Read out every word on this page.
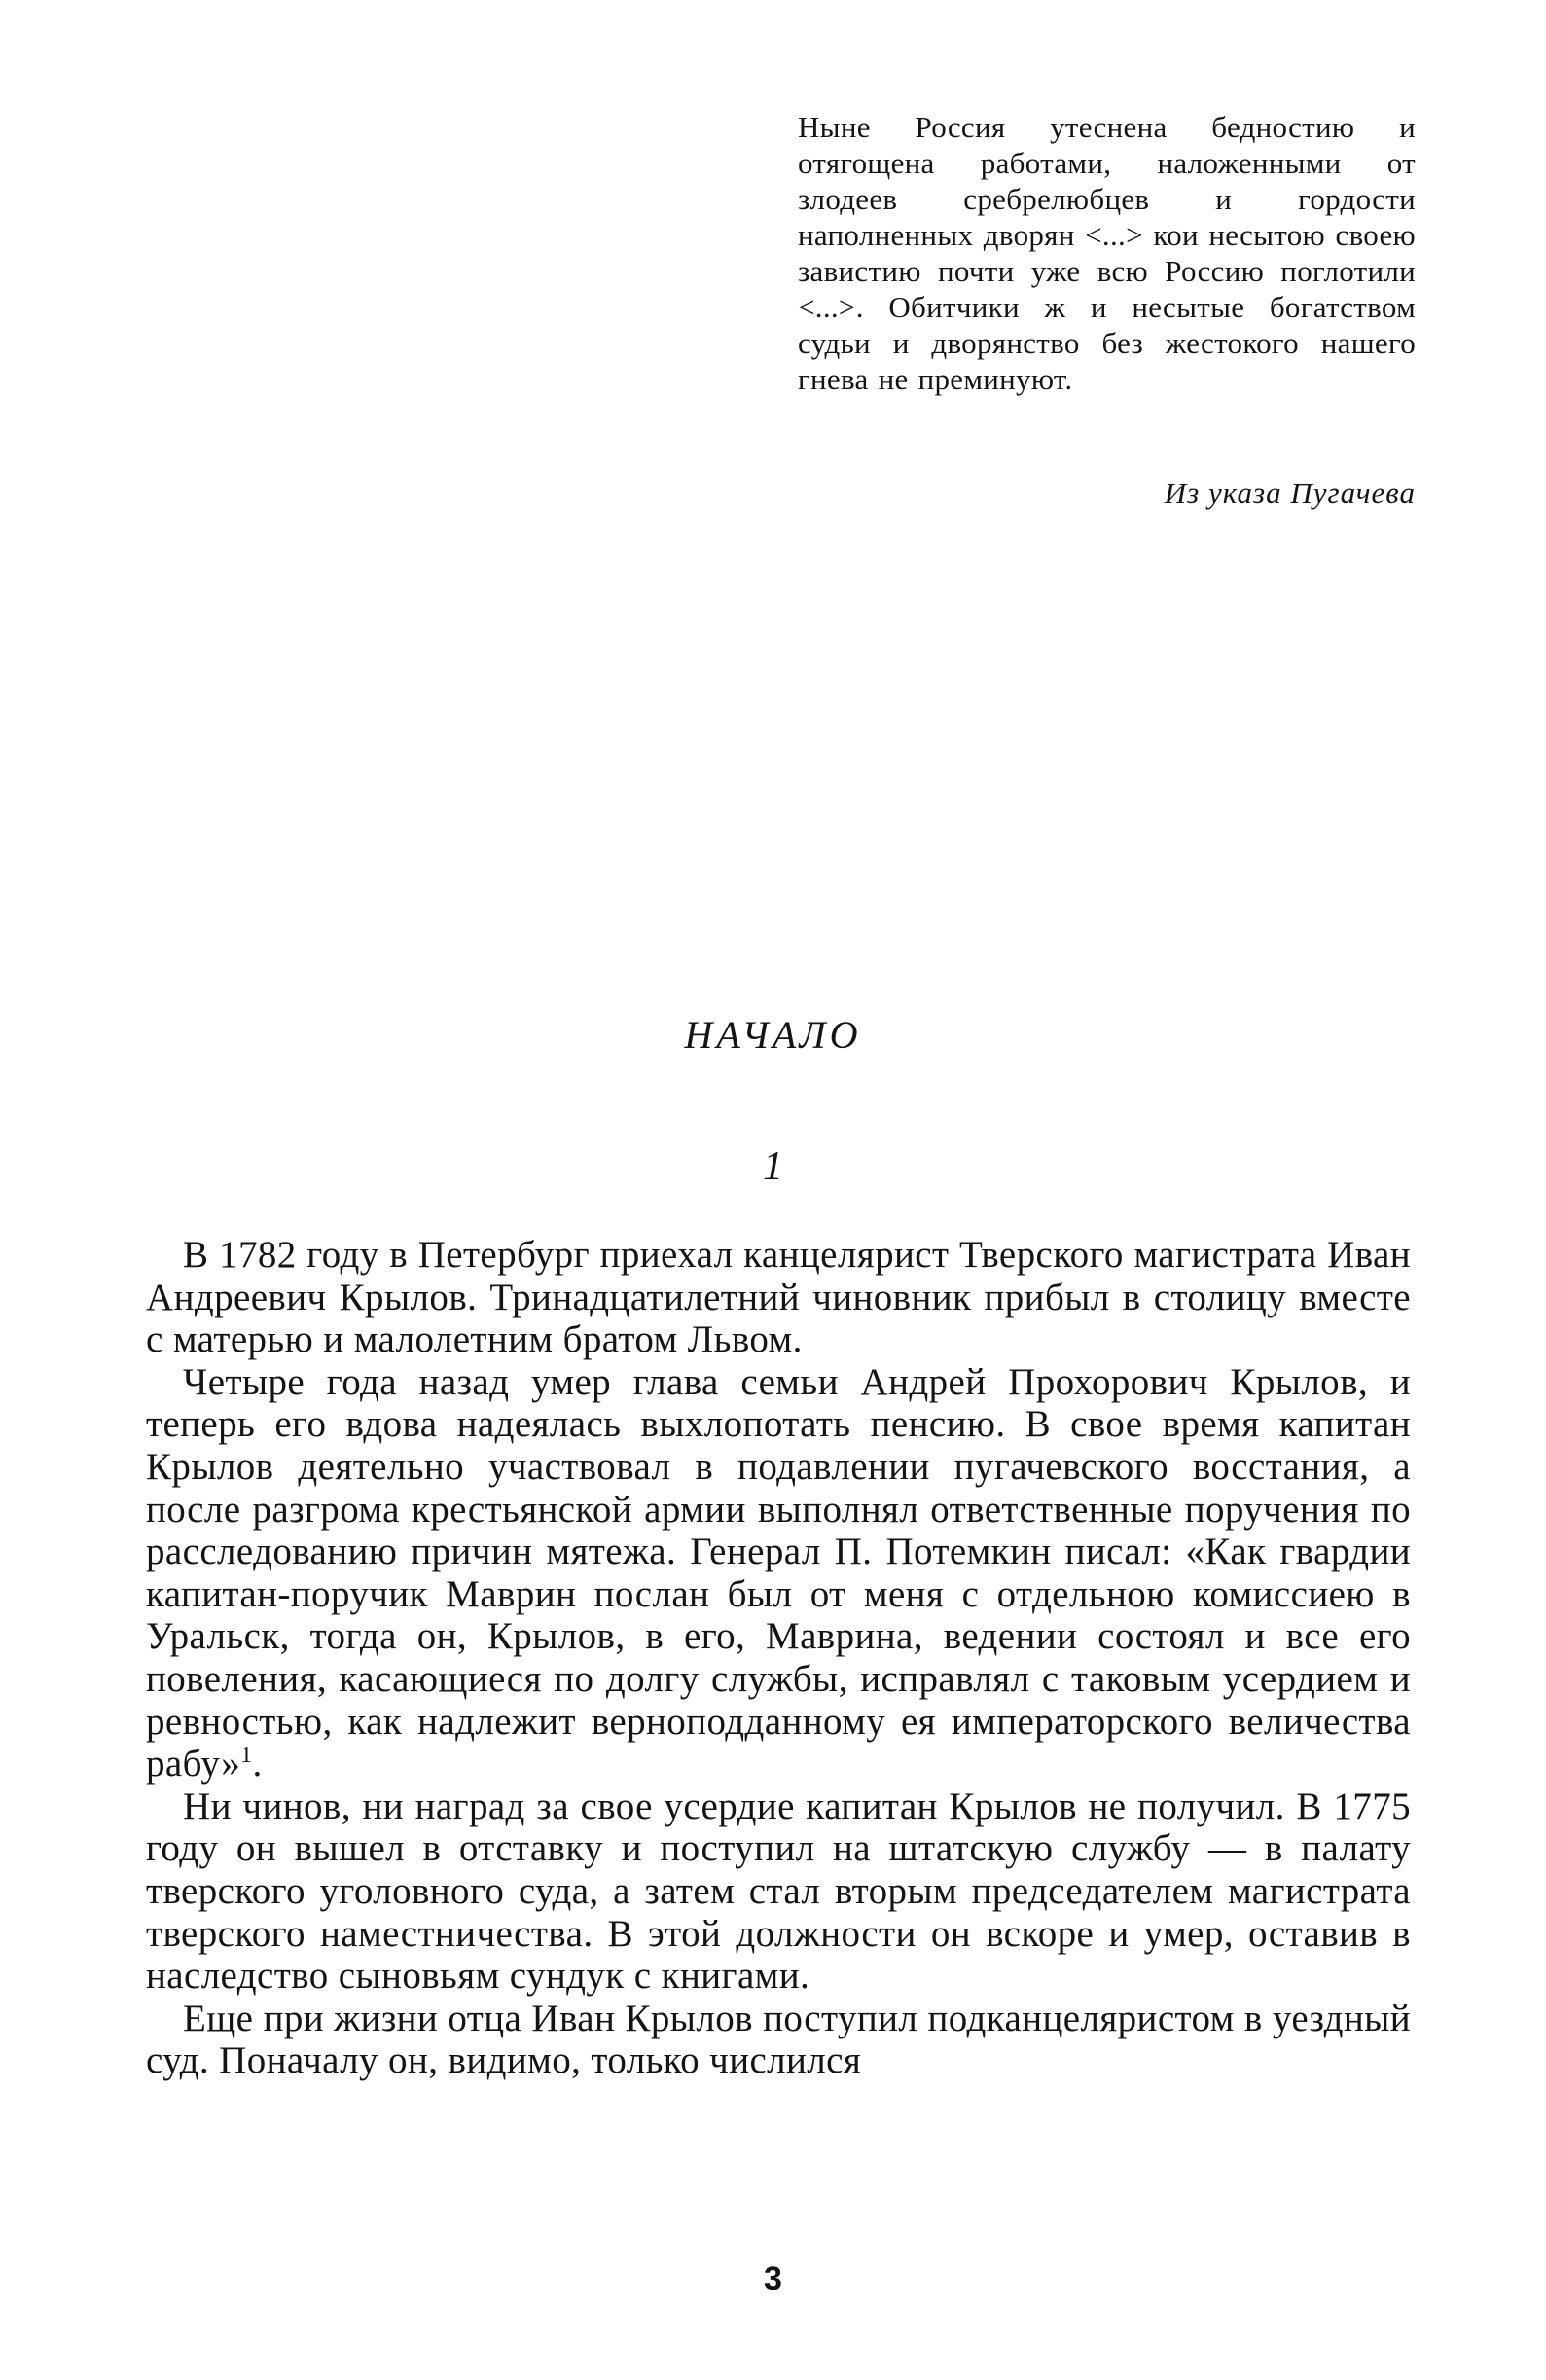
Ныне Россия утеснена бедностию и отягощена работами, наложенными от злодеев сребрелюбцев и гордости наполненных дворян <...> кои несытою своею завистию почти уже всю Россию поглотили <...>. Обитчики ж и несытые богатством судьи и дворянство без жестокого нашего гнева не преминуют.
Из указа Пугачева
НАЧАЛО
1

В 1782 году в Петербург приехал канцелярист Тверского магистрата Иван Андреевич Крылов. Тринадцатилетний чиновник прибыл в столицу вместе с матерью и малолетним братом Львом.

Четыре года назад умер глава семьи Андрей Прохорович Крылов, и теперь его вдова надеялась выхлопотать пенсию. В свое время капитан Крылов деятельно участвовал в подавлении пугачевского восстания, а после разгрома крестьянской армии выполнял ответственные поручения по расследованию причин мятежа. Генерал П. Потемкин писал: «Как гвардии капитан-поручик Маврин послан был от меня с отдельною комиссиею в Уральск, тогда он, Крылов, в его, Маврина, ведении состоял и все его повеления, касающиеся по долгу службы, исправлял с таковым усердием и ревностью, как надлежит верноподданному ея императорского величества рабу»$^1$.

Ни чинов, ни наград за свое усердие капитан Крылов не получил. В 1775 году он вышел в отставку и поступил на штатскую службу — в палату тверского уголовного суда, а затем стал вторым председателем магистрата тверского наместничества. В этой должности он вскоре и умер, оставив в наследство сыновьям сундук с книгами.

Еще при жизни отца Иван Крылов поступил подканцеляристом в уездный суд. Поначалу он, видимо, только числился

3
